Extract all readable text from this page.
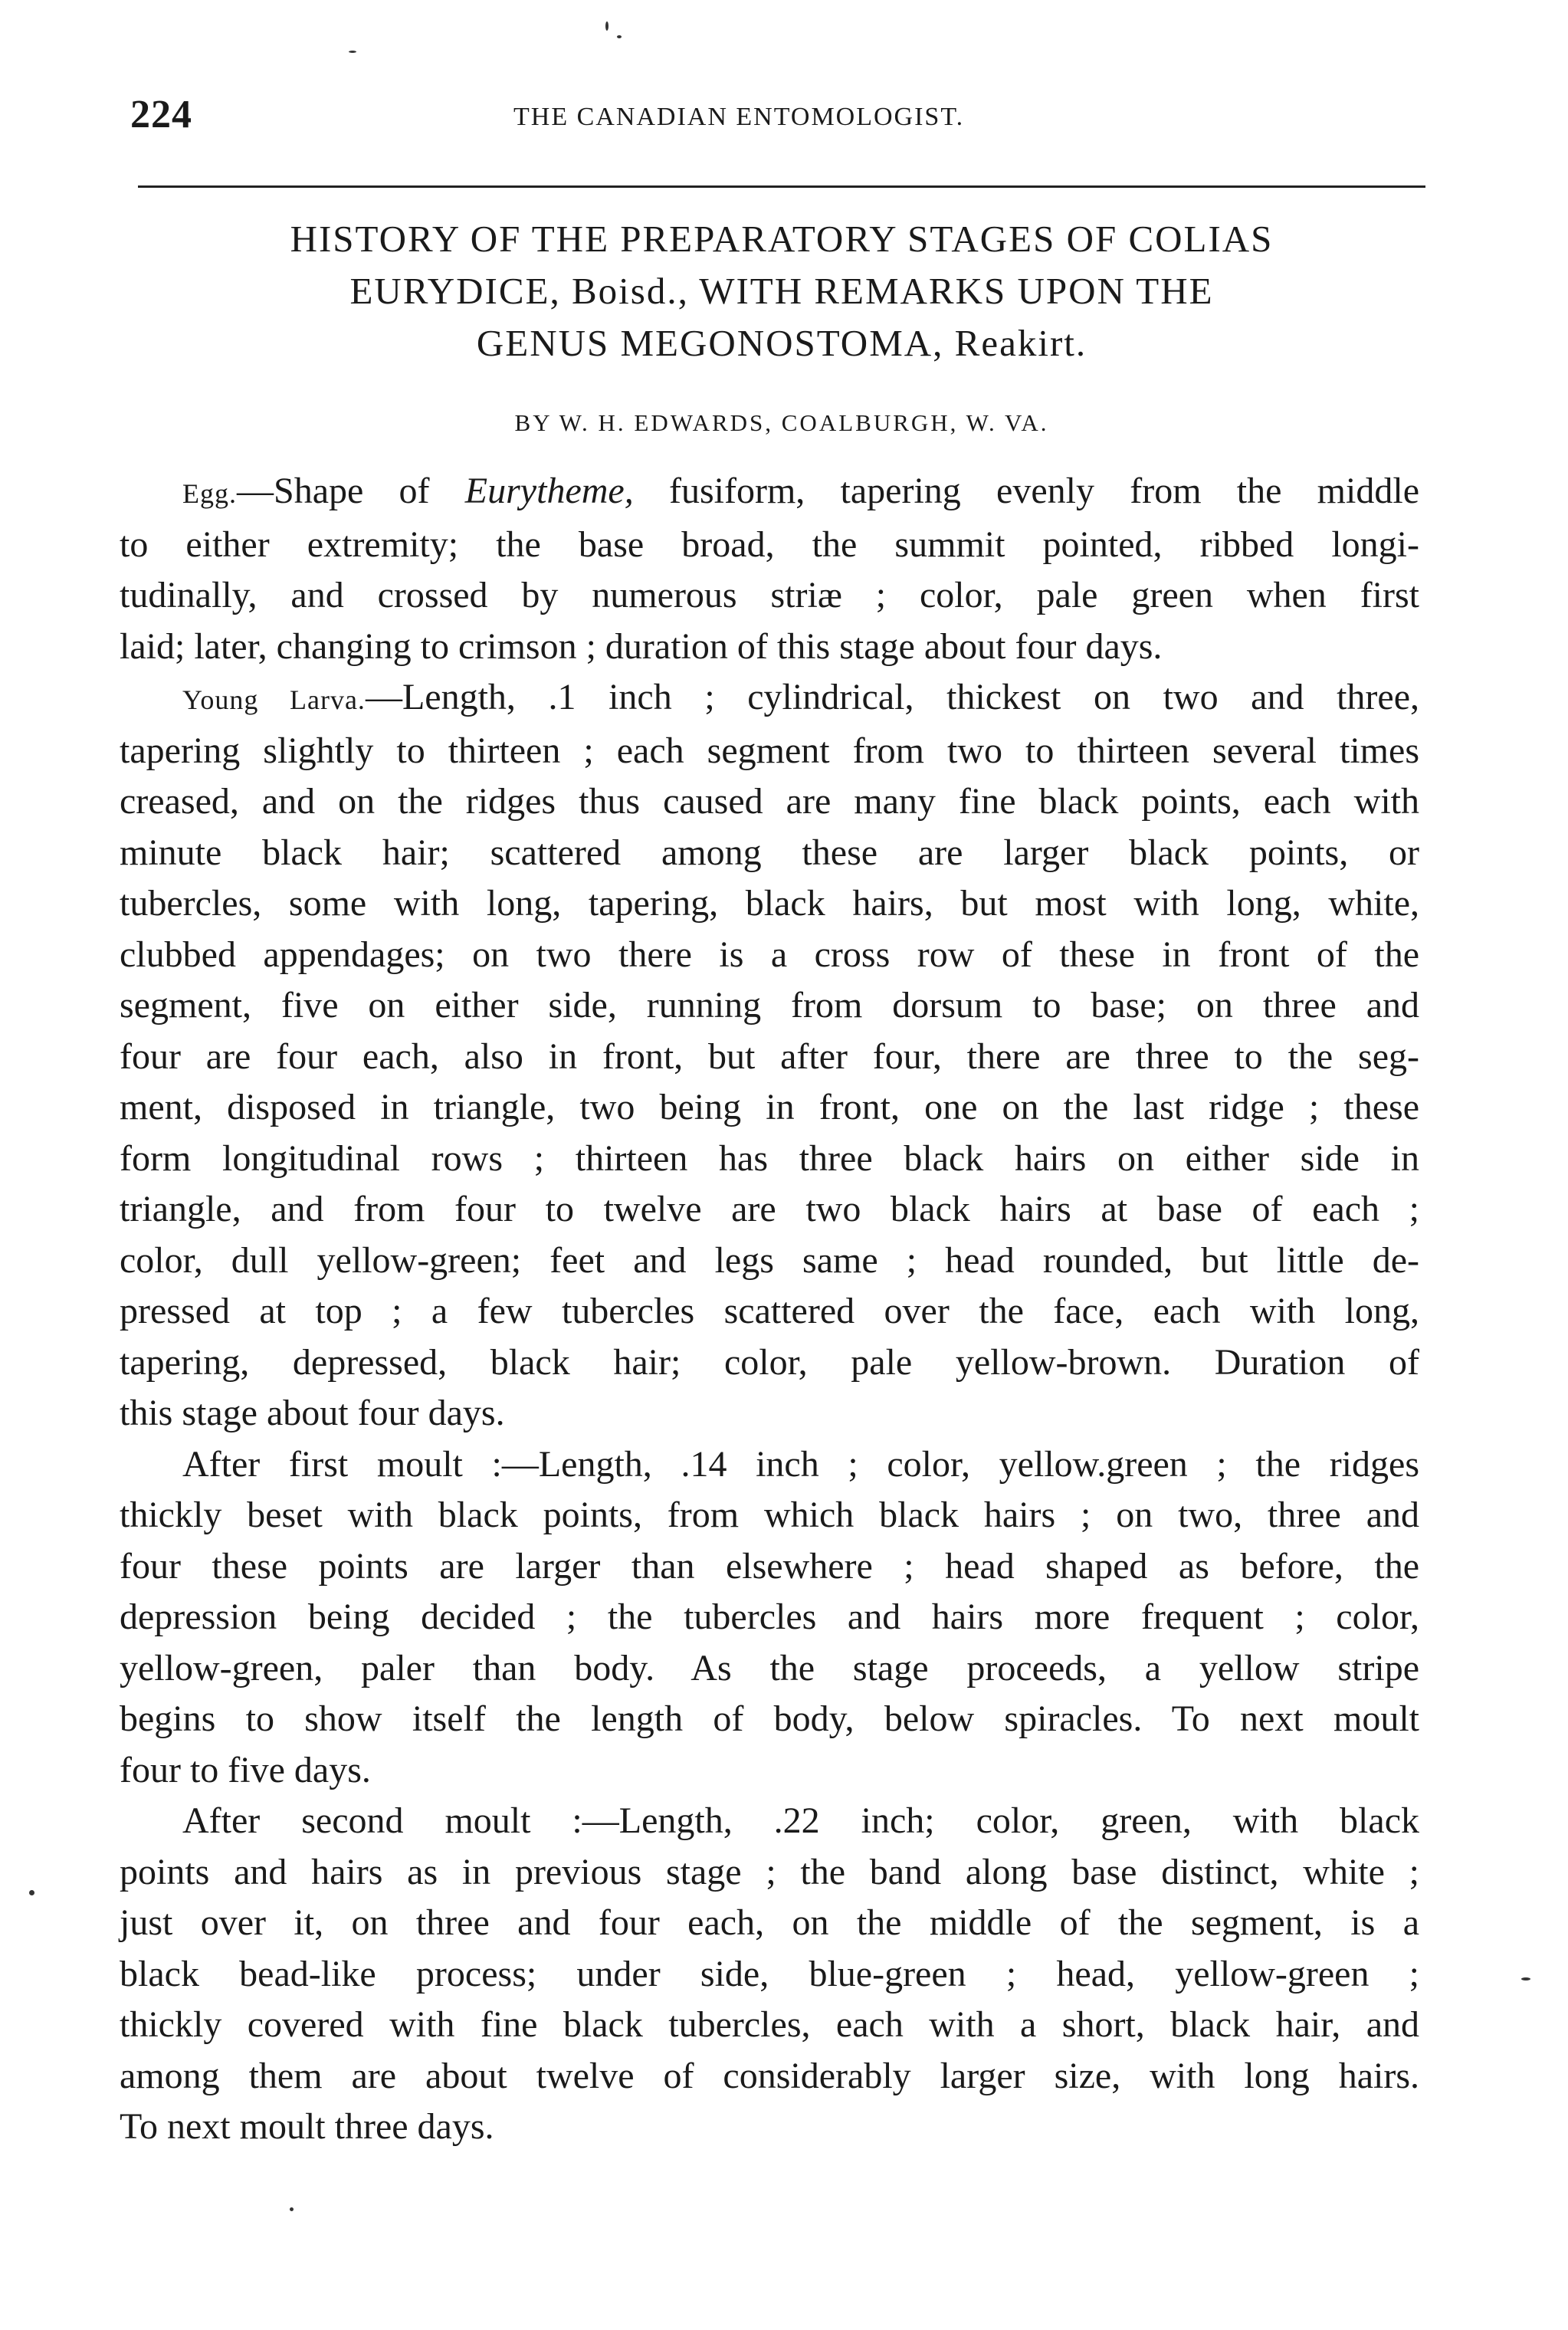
224	THE CANADIAN ENTOMOLOGIST.
HISTORY OF THE PREPARATORY STAGES OF COLIAS
EURYDICE, Boisd., WITH REMARKS UPON THE
GENUS MEGONOSTOMA, Reakirt.
BY W. H. EDWARDS, COALBURGH, W. VA.
Egg.—Shape of Eurytheme, fusiform, tapering evenly from the middle
to either extremity; the base broad, the summit pointed, ribbed longi-
tudinally, and crossed by numerous striæ ; color, pale green when first
laid; later, changing to crimson ; duration of this stage about four days.
Young Larva.—Length, .1 inch ; cylindrical, thickest on two and three,
tapering slightly to thirteen ; each segment from two to thirteen several times
creased, and on the ridges thus caused are many fine black points, each with
minute black hair; scattered among these are larger black points, or
tubercles, some with long, tapering, black hairs, but most with long, white,
clubbed appendages; on two there is a cross row of these in front of the
segment, five on either side, running from dorsum to base; on three and
four are four each, also in front, but after four, there are three to the seg-
ment, disposed in triangle, two being in front, one on the last ridge ; these
form longitudinal rows ; thirteen has three black hairs on either side in
triangle, and from four to twelve are two black hairs at base of each ;
color, dull yellow-green; feet and legs same ; head rounded, but little de-
pressed at top ; a few tubercles scattered over the face, each with long,
tapering, depressed, black hair; color, pale yellow-brown. Duration of
this stage about four days.
After first moult :—Length, .14 inch ; color, yellow.green ; the ridges
thickly beset with black points, from which black hairs ; on two, three and
four these points are larger than elsewhere ; head shaped as before, the
depression being decided ; the tubercles and hairs more frequent ; color,
yellow-green, paler than body. As the stage proceeds, a yellow stripe
begins to show itself the length of body, below spiracles. To next moult
four to five days.
After second moult :—Length, .22 inch; color, green, with black
points and hairs as in previous stage ; the band along base distinct, white ;
just over it, on three and four each, on the middle of the segment, is a
black bead-like process; under side, blue-green ; head, yellow-green ;
thickly covered with fine black tubercles, each with a short, black hair, and
among them are about twelve of considerably larger size, with long hairs.
To next moult three days.
